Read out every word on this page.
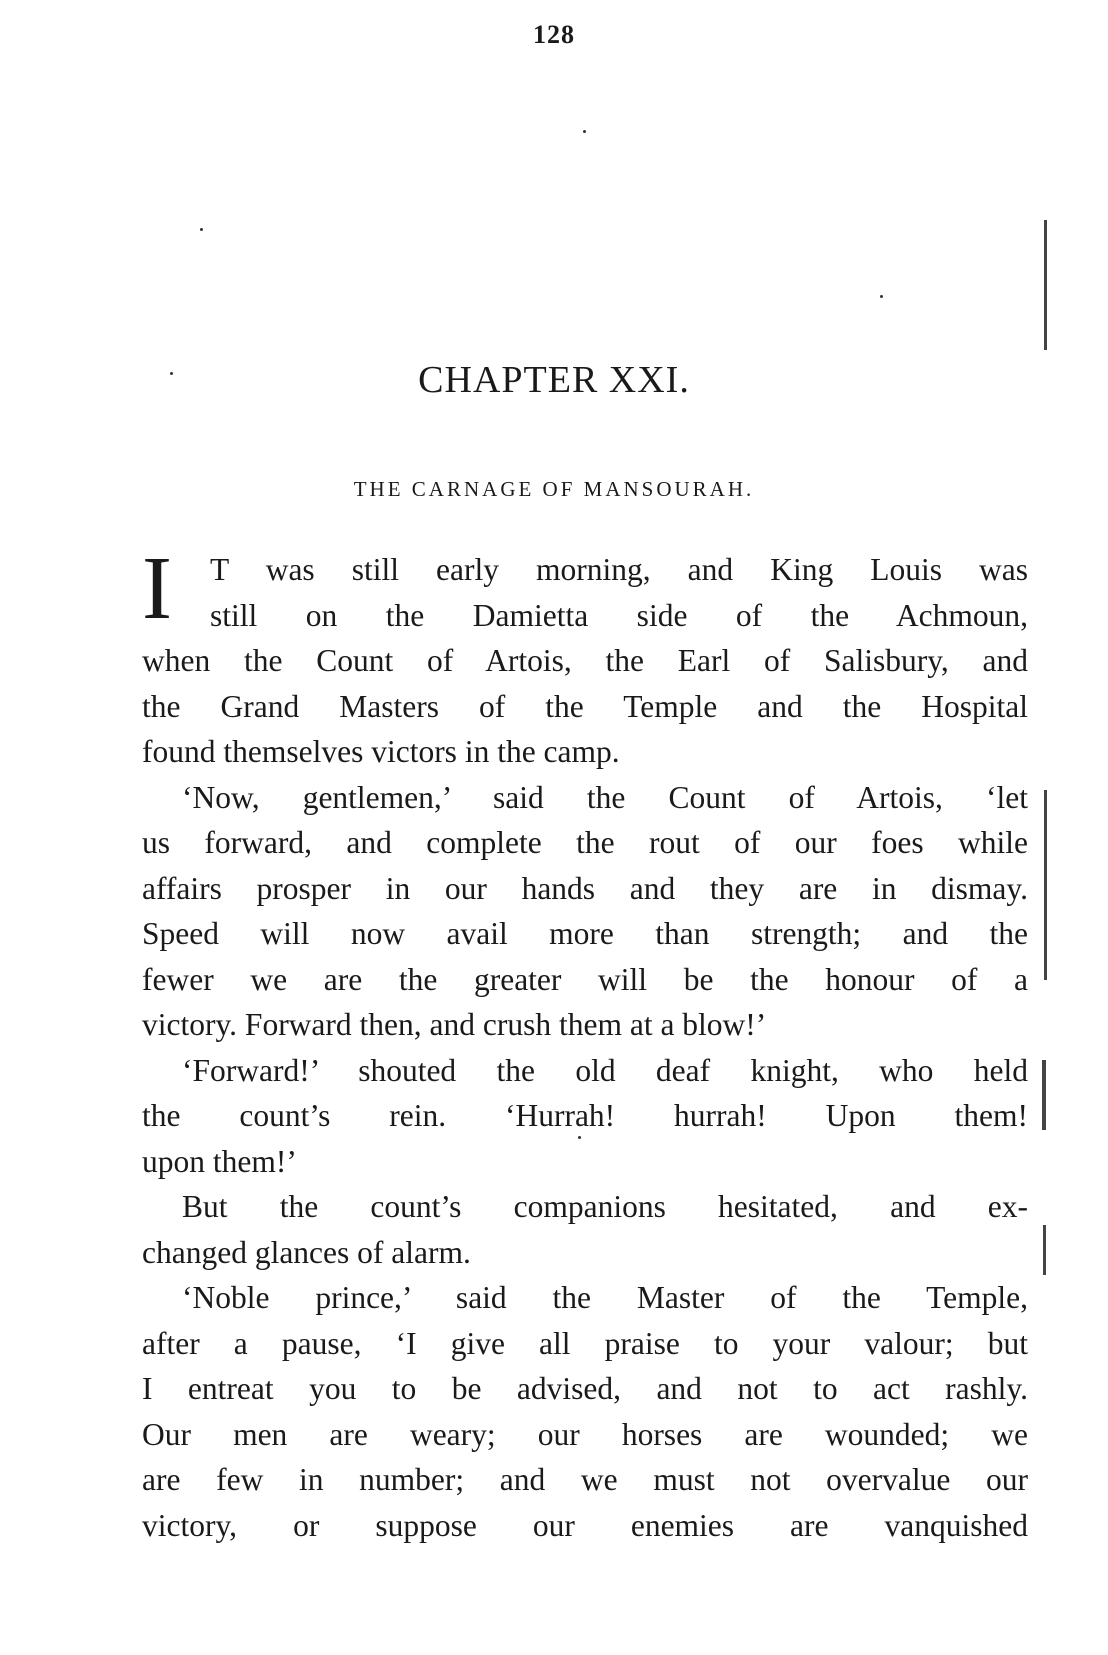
128
CHAPTER XXI.
THE CARNAGE OF MANSOURAH.
I	T was still early morning, and King Louis was
still on the Damietta side of the Achmoun,
when the Count of Artois, the Earl of Salisbury, and
the Grand Masters of the Temple and the Hospital
found themselves victors in the camp.
‘Now, gentlemen,’ said the Count of Artois, ‘let
us forward, and complete the rout of our foes while
affairs prosper in our hands and they are in dismay.
Speed will now avail more than strength; and the
fewer we are the greater will be the honour of a
victory. Forward then, and crush them at a blow!’
‘Forward!’ shouted the old deaf knight, who held
the count’s rein. ‘Hurrah! hurrah! Upon them!
upon them!’
But the count’s companions hesitated, and ex-
changed glances of alarm.
‘Noble prince,’ said the Master of the Temple,
after a pause, ‘I give all praise to your valour; but
I entreat you to be advised, and not to act rashly.
Our men are weary; our horses are wounded; we
are few in number; and we must not overvalue our
victory, or suppose our enemies are vanquished
